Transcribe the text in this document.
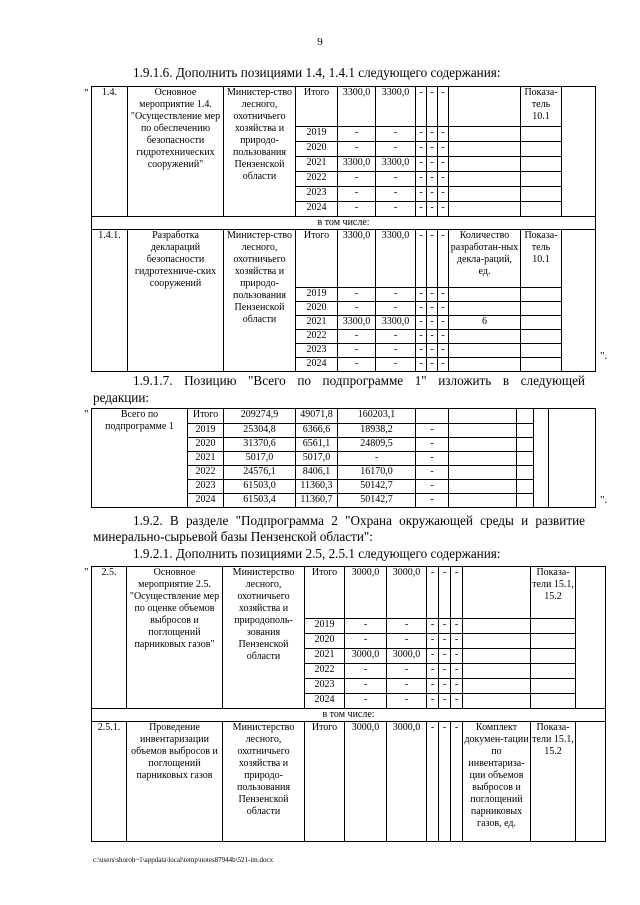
9
1.9.1.6. Дополнить позициями 1.4, 1.4.1 следующего содержания:
" 1.4.	Основное мероприятие 1.4. "Осуществление мер по обеспечению безопасности гидротехнических сооружений"	Министер-ство лесного, охотничьего хозяйства и природо-пользования Пензенской области	Итого	3300,0	3300,0	-	-	-		Показа-тель 10.1	
			2019	-	-	-	-	-			
			2020	-	-	-	-	-			
			2021	3300,0	3300,0	-	-	-			
			2022	-	-	-	-	-			
			2023	-	-	-	-	-			
			2024	-	-	-	-	-			
в том числе:											
1.4.1.	Разработка деклараций безопасности гидротехниче-ских сооружений	Министер-ство лесного, охотничьего хозяйства и природо-пользования Пензенской области	Итого	3300,0	3300,0	-	-	-	Количество разработан-ных декла-раций, ед.	Показа-тель 10.1	
			2019	-	-	-	-	-			
			2020	-	-	-	-	-			
			2021	3300,0	3300,0	-	-	-	6		
			2022	-	-	-	-	-			
			2023	-	-	-	-	-			
			2024	-	-	-	-	-			
".
1.9.1.7. Позицию "Всего по подпрограмме 1" изложить в следующей
редакции:
"	Всего по подпрограмме 1	Итого	209274,9	49071,8	160203,1					
	2019	25304,8	6366,6	18938,2	-				
	2020	31370,6	6561,1	24809,5	-				
	2021	5017,0	5017,0	-	-				
	2022	24576,1	8406,1	16170,0	-				
	2023	61503,0	11360,3	50142,7	-				
	2024	61503,4	11360,7	50142,7	-					".
1.9.2. В разделе "Подпрограмма 2 "Охрана окружающей среды и развитие
минерально-сырьевой базы Пензенской области":
1.9.2.1. Дополнить позициями 2.5, 2.5.1 следующего содержания:
" 2.5.	Основное мероприятие 2.5. "Осуществление мер по оценке объемов выбросов и поглощений парниковых газов"	Министерство лесного, охотничьего хозяйства и природополь-зования Пензенской области	Итого	3000,0	3000,0	-	-	-		Показа-тели 15.1, 15.2	
			2019	-	-	-	-	-			
			2020	-	-	-	-	-			
			2021	3000,0	3000,0	-	-	-			
			2022	-	-	-	-	-			
			2023	-	-	-	-	-			
			2024	-	-	-	-	-			
в том числе:											
2.5.1.	Проведение инвентаризации объемов выбросов и поглощений парниковых газов	Министерство лесного, охотничьего хозяйства и природо-пользования Пензенской области	Итого	3000,0	3000,0	-	-	-	Комплект докумен-тации по инвентаризa-ции объемов выбросов и поглощений парниковых газов, ед.	Показа-тели 15.1, 15.2	
c:\users\shoroh~1\appdata\local\temp\notes87944b\521-im.docx
